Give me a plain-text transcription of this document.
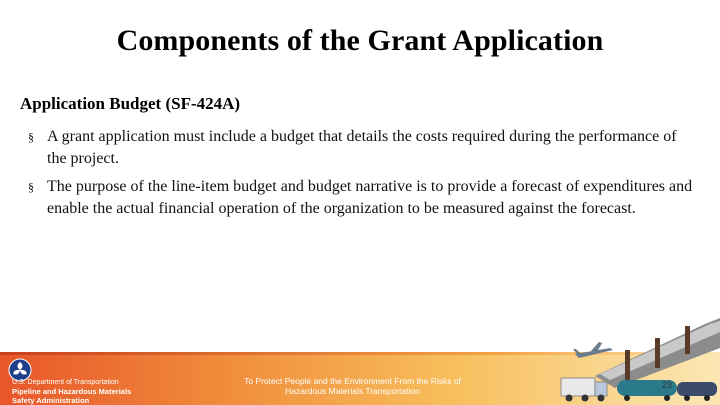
Components of the Grant Application
Application Budget (SF-424A)
§ A grant application must include a budget that details the costs required during the performance of the project.
§ The purpose of the line-item budget and budget narrative is to provide a forecast of expenditures and enable the actual financial operation of the organization to be measured against the forecast.
U.S. Department of Transportation
Pipeline and Hazardous Materials
Safety Administration
To Protect People and the Environment From the Risks of
Hazardous Materials Transportation
23
